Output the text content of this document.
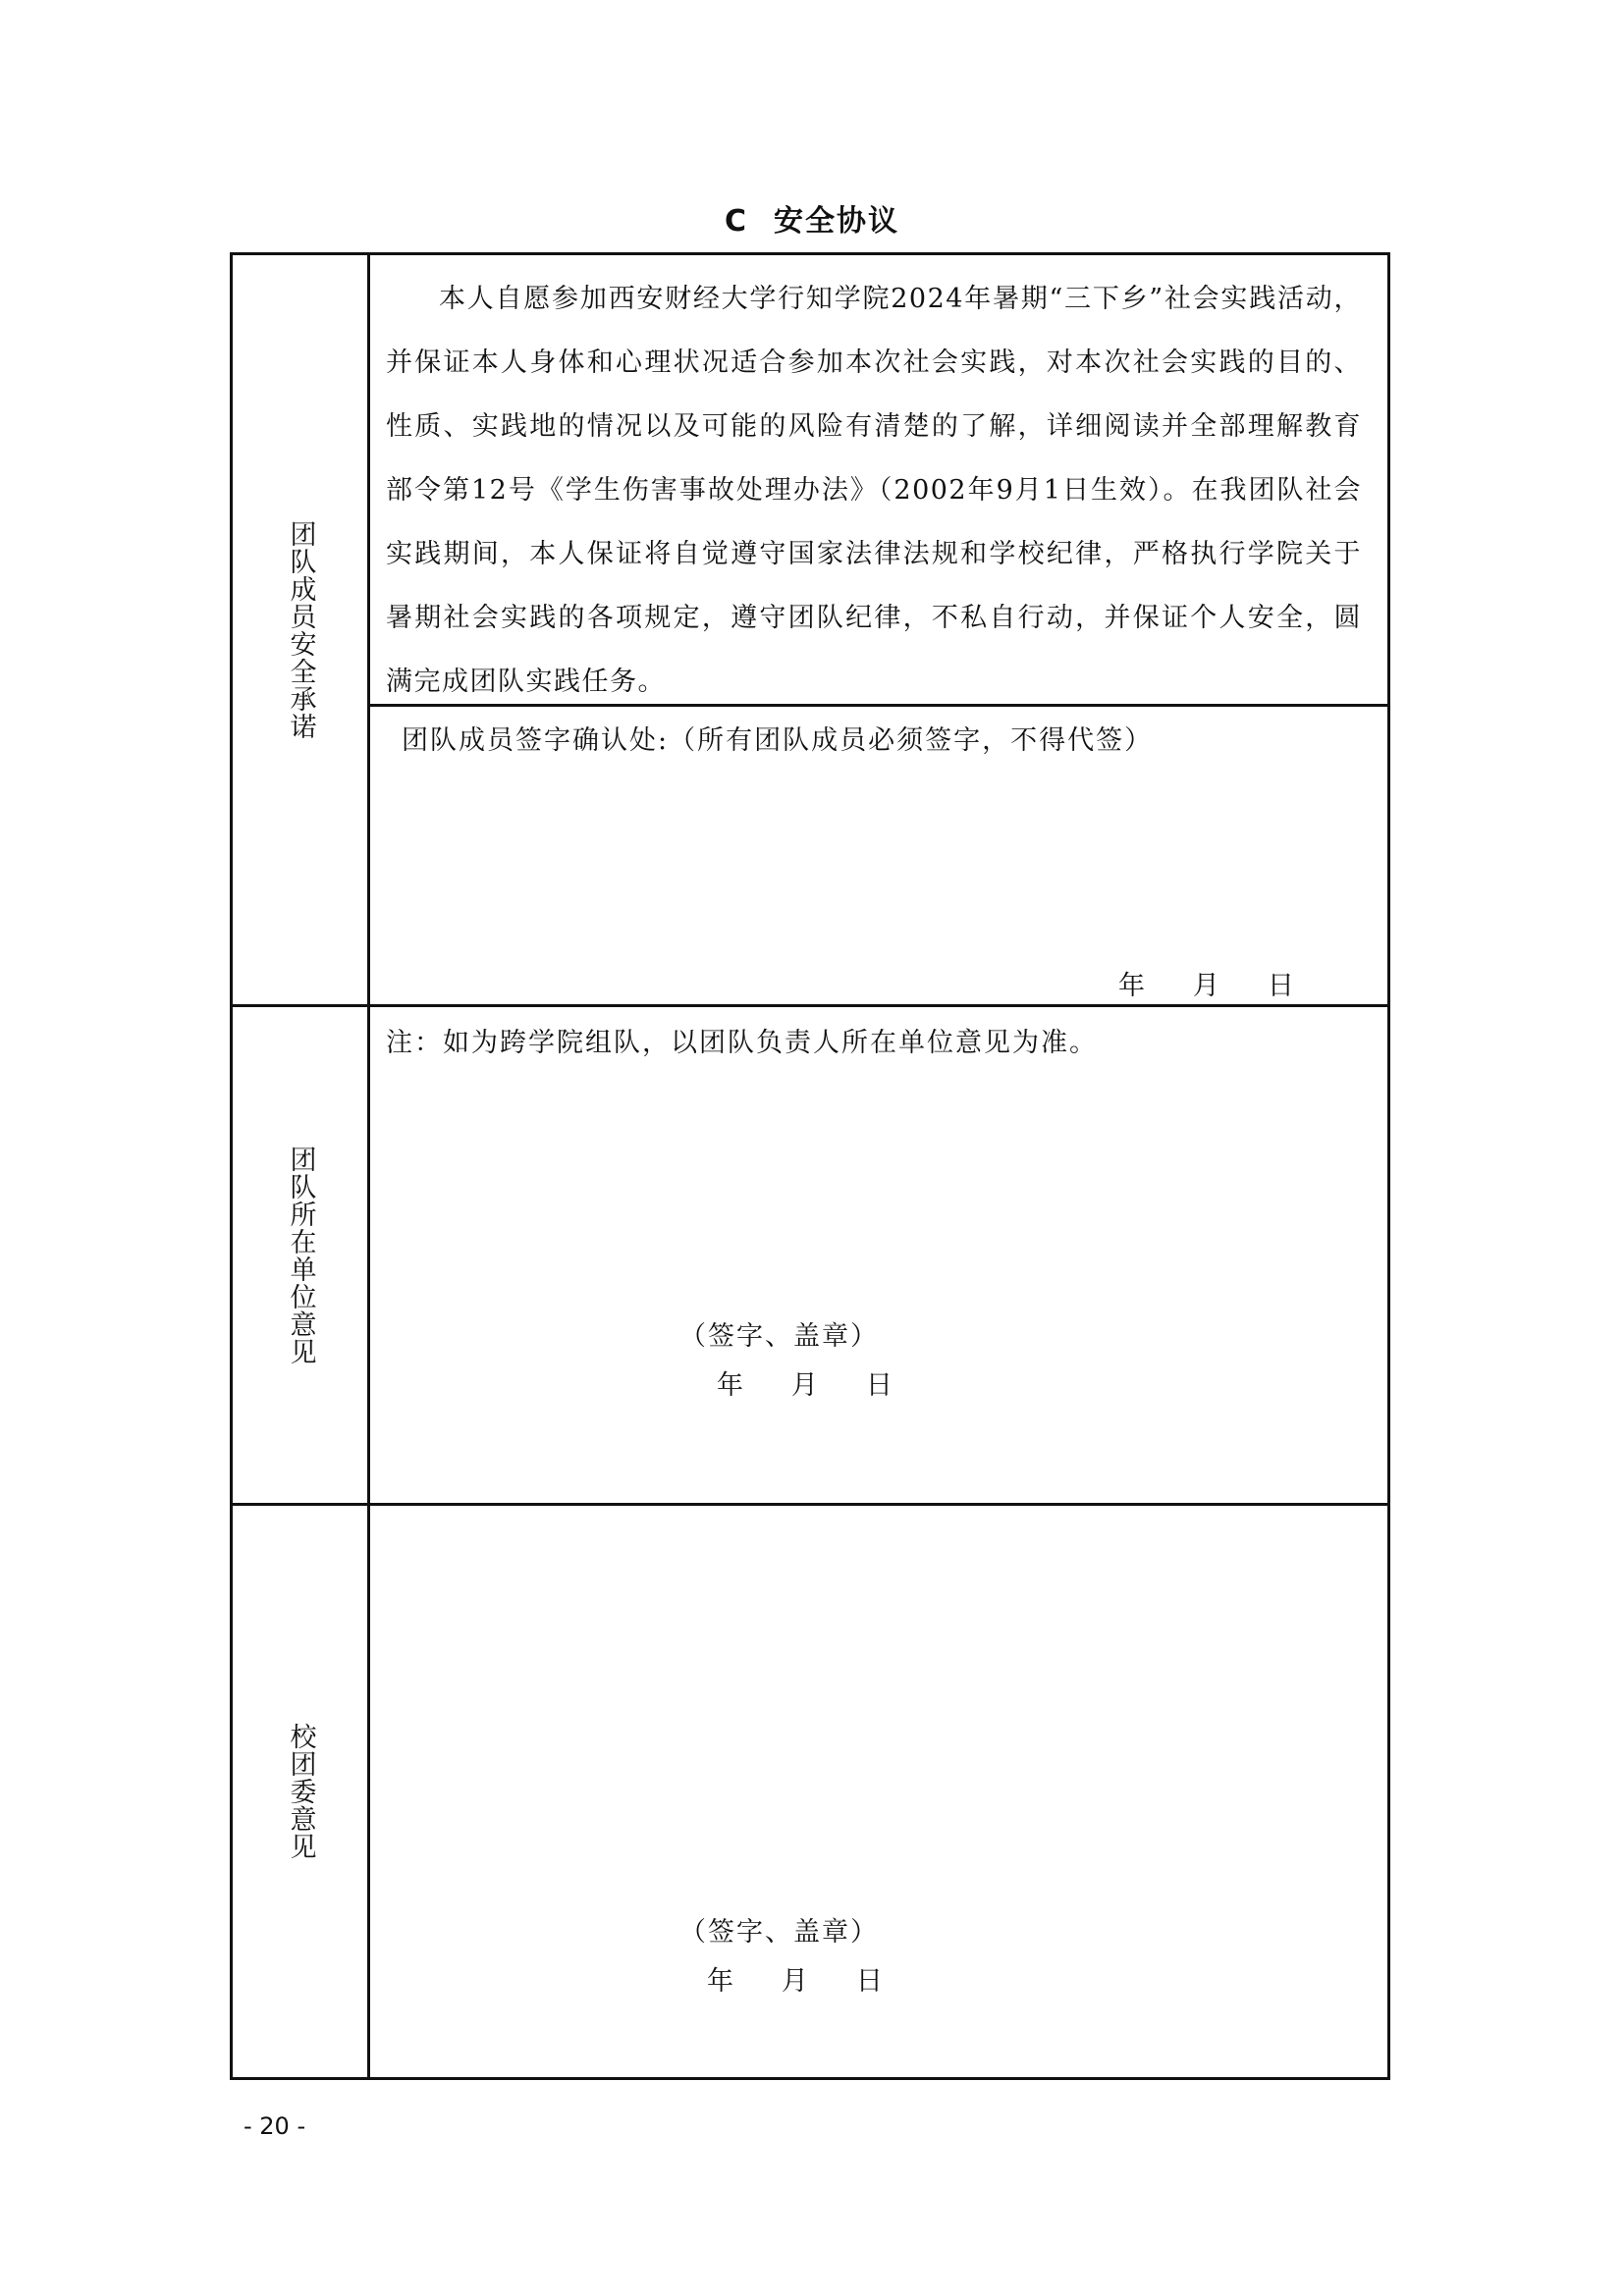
C 安全协议
团队成员安全承诺
本人自愿参加西安财经大学行知学院2024年暑期“三下乡”社会实践活动，并保证本人身体和心理状况适合参加本次社会实践，对本次社会实践的目的、性质、实践地的情况以及可能的风险有清楚的了解，详细阅读并全部理解教育部令第12号《学生伤害事故处理办法》（2002年9月1日生效）。在我团队社会实践期间，本人保证将自觉遵守国家法律法规和学校纪律，严格执行学院关于暑期社会实践的各项规定，遵守团队纪律，不私自行动，并保证个人安全，圆满完成团队实践任务。
团队成员签字确认处:（所有团队成员必须签字，不得代签）
年     月     日
团队所在单位意见
注：如为跨学院组队，以团队负责人所在单位意见为准。
校团委意见
（签字、盖章）
年     月     日
（签字、盖章）
年     月     日
- 20 -
